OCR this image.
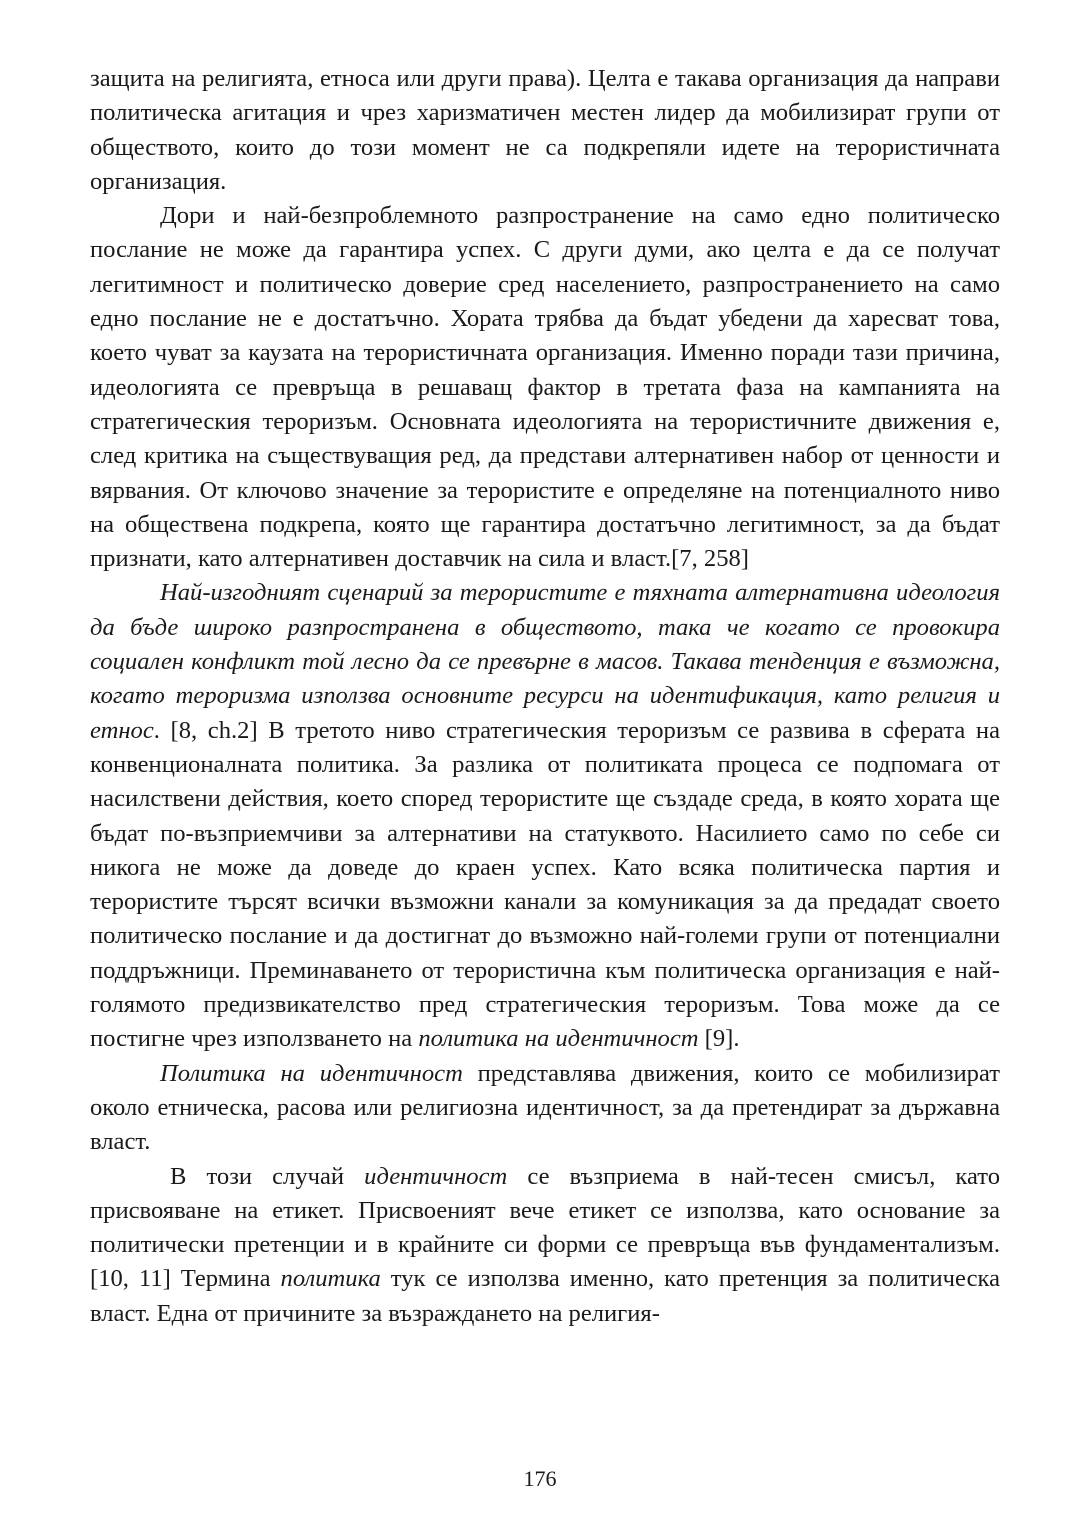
защита на религията, етноса или други права). Целта е такава организация да направи политическа агитация и чрез харизматичен местен лидер да мобилизират групи от обществото, които до този момент не са подкрепяли идете на терористичната организация.

Дори и най-безпроблемното разпространение на само едно политическо послание не може да гарантира успех. С други думи, ако целта е да се получат легитимност и политическо доверие сред населението, разпространението на само едно послание не е достатъчно. Хората трябва да бъдат убедени да харесват това, което чуват за каузата на терористичната организация. Именно поради тази причина, идеологията се превръща в решаващ фактор в третата фаза на кампанията на стратегическия тероризъм. Основната идеологията на терористичните движения е, след критика на съществуващия ред, да представи алтернативен набор от ценности и вярвания. От ключово значение за терористите е определяне на потенциалното ниво на обществена подкрепа, която ще гарантира достатъчно легитимност, за да бъдат признати, като алтернативен доставчик на сила и власт.[7, 258]

Най-изгодният сценарий за терористите е тяхната алтернативна идеология да бъде широко разпространена в обществото, така че когато се провокира социален конфликт той лесно да се превърне в масов. Такава тенденция е възможна, когато тероризма използва основните ресурси на идентификация, като религия и етнос. [8, ch.2] В третото ниво стратегическия тероризъм се развива в сферата на конвенционалната политика. За разлика от политиката процеса се подпомага от насилствени действия, което според терористите ще създаде среда, в която хората ще бъдат по-възприемчиви за алтернативи на статуквото. Насилието само по себе си никога не може да доведе до краен успех. Като всяка политическа партия и терористите търсят всички възможни канали за комуникация за да предадат своето политическо послание и да достигнат до възможно най-големи групи от потенциални поддръжници. Преминаването от терористична към политическа организация е най-голямото предизвикателство пред стратегическия тероризъм. Това може да се постигне чрез използването на политика на идентичност [9].

Политика на идентичност представлява движения, които се мобилизират около етническа, расова или религиозна идентичност, за да претендират за държавна власт.

В този случай идентичност се възприема в най-тесен смисъл, като присвояване на етикет. Присвоеният вече етикет се използва, като основание за политически претенции и в крайните си форми се превръща във фундаментализъм. [10, 11] Термина политика тук се използва именно, като претенция за политическа власт. Една от причините за възраждането на религия-

176
